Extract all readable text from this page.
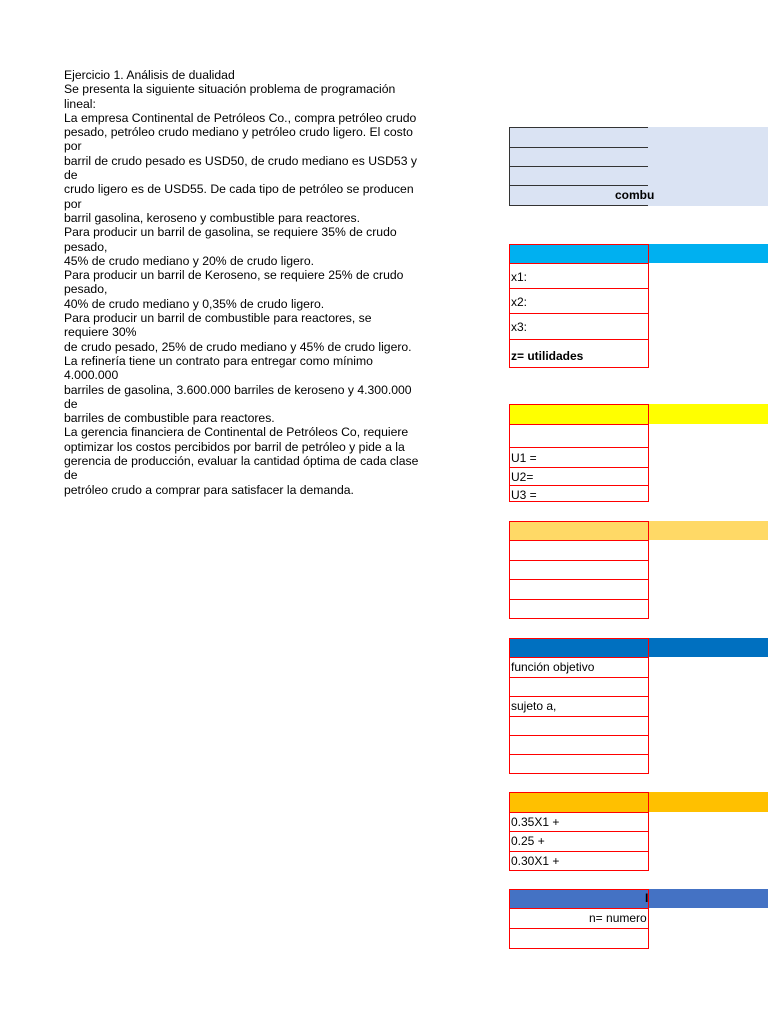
Ejercicio 1. Análisis de dualidad
Se presenta la siguiente situación problema de programación
lineal:
La empresa Continental de Petróleos Co., compra petróleo crudo
pesado, petróleo crudo mediano y petróleo crudo ligero. El costo
por
barril de crudo pesado es USD50, de crudo mediano es USD53 y
de
crudo ligero es de USD55. De cada tipo de petróleo se producen
por
barril gasolina, keroseno y combustible para reactores.
Para producir un barril de gasolina, se requiere 35% de crudo
pesado,
45% de crudo mediano y 20% de crudo ligero.
Para producir un barril de Keroseno, se requiere 25% de crudo
pesado,
40% de crudo mediano y 0,35% de crudo ligero.
Para producir un barril de combustible para reactores, se
requiere 30%
de crudo pesado, 25% de crudo mediano y 45% de crudo ligero.
La refinería tiene un contrato para entregar como mínimo
4.000.000
barriles de gasolina, 3.600.000 barriles de keroseno y 4.300.000
de
barriles de combustible para reactores.
La gerencia financiera de Continental de Petróleos Co, requiere
optimizar los costos percibidos por barril de petróleo y pide a la
gerencia de producción, evaluar la cantidad óptima de cada clase
de
petróleo crudo a comprar para satisfacer la demanda.
combu
x1:
x2:
x3:
z= utilidades
U1 =
U2=
U3 =
función objetivo
sujeto a,
0.35X1 +
0.25 +
0.30X1 +
I
n= numero
